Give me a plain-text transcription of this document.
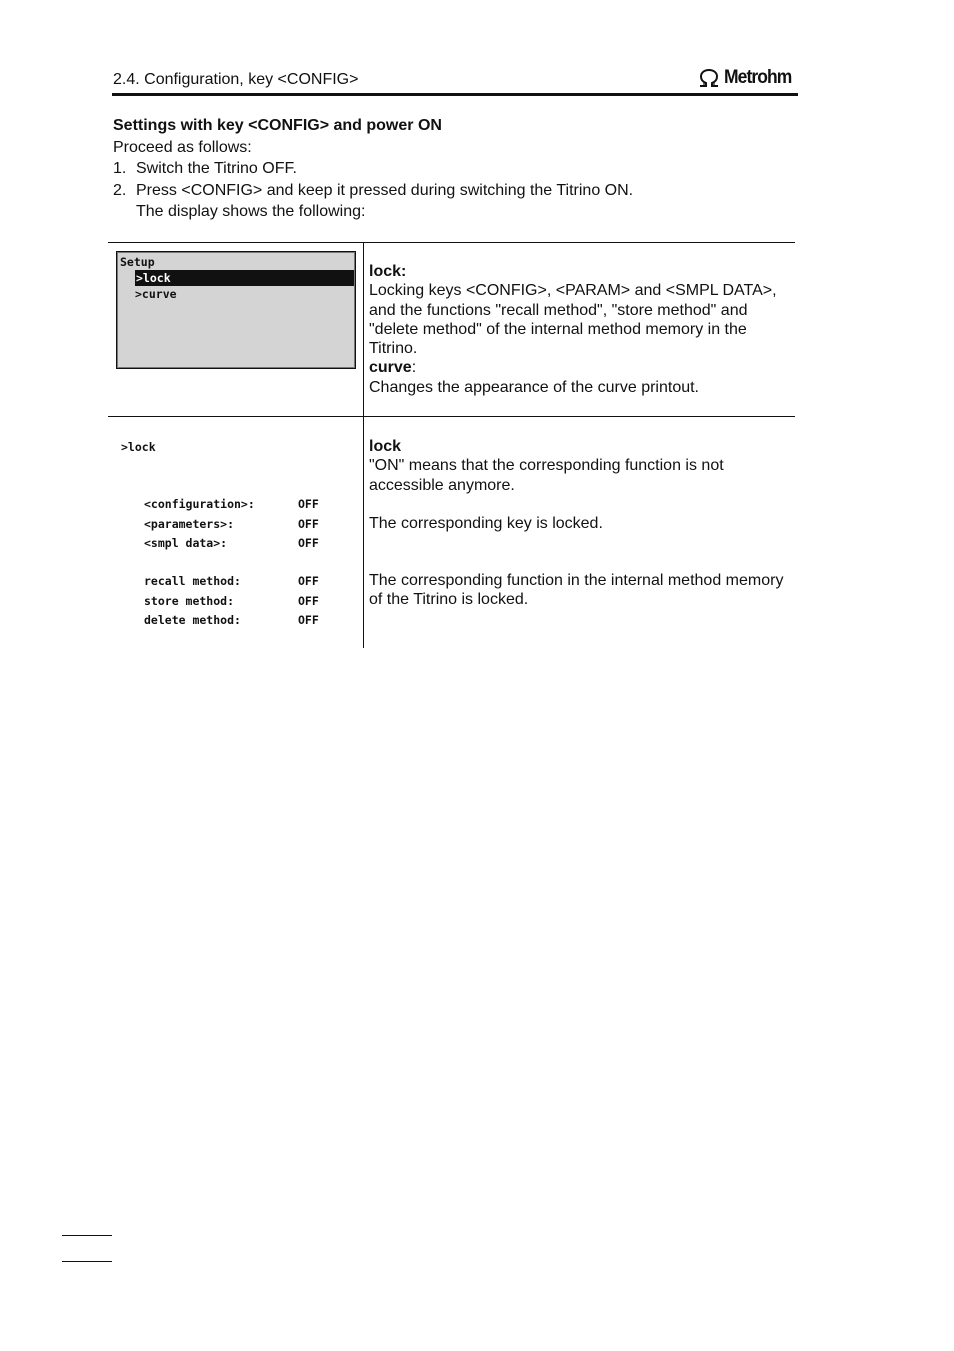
2.4. Configuration, key <CONFIG>	Metrohm
Settings with key <CONFIG> and power ON
Proceed as follows:
1. Switch the Titrino OFF.
2. Press <CONFIG> and keep it pressed during switching the Titrino ON.
The display shows the following:
Setup
>lock
>curve
lock:
Locking keys <CONFIG>, <PARAM> and <SMPL DATA>, and the functions "recall method", "store method" and "delete method" of the internal method memory in the Titrino.
curve:
Changes the appearance of the curve printout.
>lock
<configuration>:	OFF
<parameters>:	OFF
<smpl data>:	OFF
recall method:	OFF
store method:	OFF
delete method:	OFF
lock
"ON" means that the corresponding function is not accessible anymore.
The corresponding key is locked.
The corresponding function in the internal method memory of the Titrino is locked.
